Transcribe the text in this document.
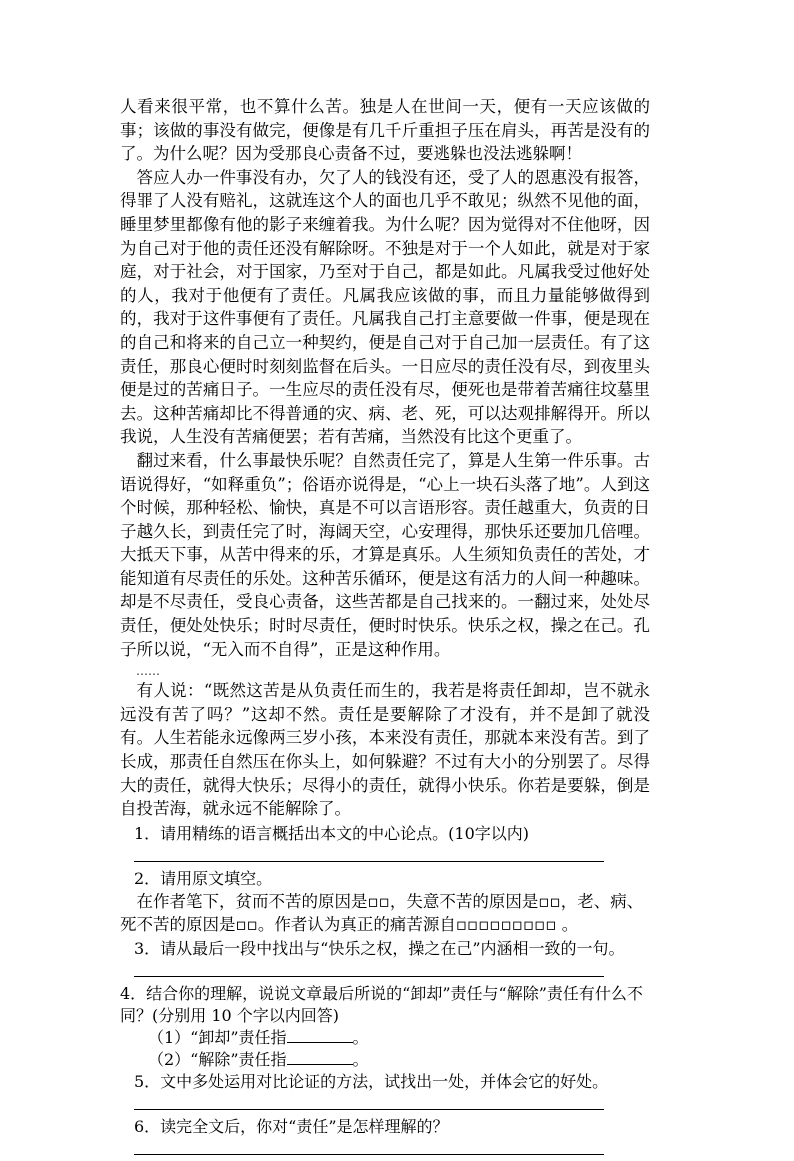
人看来很平常，也不算什么苦。独是人在世间一天，便有一天应该做的事；该做的事没有做完，便像是有几千斤重担子压在肩头，再苦是没有的了。为什么呢？因为受那良心责备不过，要逃躲也没法逃躲啊！

答应人办一件事没有办，欠了人的钱没有还，受了人的恩惠没有报答，得罪了人没有赔礼，这就连这个人的面也几乎不敢见；纵然不见他的面，睡里梦里都像有他的影子来缠着我。为什么呢？因为觉得对不住他呀，因为自己对于他的责任还没有解除呀。不独是对于一个人如此，就是对于家庭，对于社会，对于国家，乃至对于自己，都是如此。凡属我受过他好处的人，我对于他便有了责任。凡属我应该做的事，而且力量能够做得到的，我对于这件事便有了责任。凡属我自己打主意要做一件事，便是现在的自己和将来的自己立一种契约，便是自己对于自己加一层责任。有了这责任，那良心便时时刻刻监督在后头。一日应尽的责任没有尽，到夜里头便是过的苦痛日子。一生应尽的责任没有尽，便死也是带着苦痛往坟墓里去。这种苦痛却比不得普通的灾、病、老、死，可以达观排解得开。所以我说，人生没有苦痛便罢；若有苦痛，当然没有比这个更重了。

翻过来看，什么事最快乐呢？自然责任完了，算是人生第一件乐事。古语说得好，“如释重负”；俗语亦说得是，“心上一块石头落了地”。人到这个时候，那种轻松、愉快，真是不可以言语形容。责任越重大，负责的日子越久长，到责任完了时，海阔天空，心安理得，那快乐还要加几倍哩。大抵天下事，从苦中得来的乐，才算是真乐。人生须知负责任的苦处，才能知道有尽责任的乐处。这种苦乐循环，便是这有活力的人间一种趣味。却是不尽责任，受良心责备，这些苦都是自己找来的。一翻过来，处处尽责任，便处处快乐；时时尽责任，便时时快乐。快乐之权，操之在己。孔子所以说，“无入而不自得”，正是这种作用。

……

有人说：“既然这苦是从负责任而生的，我若是将责任卸却，岂不就永远没有苦了吗？”这却不然。责任是要解除了才没有，并不是卸了就没有。人生若能永远像两三岁小孩，本来没有责任，那就本来没有苦。到了长成，那责任自然压在你头上，如何躲避？不过有大小的分别罢了。尽得大的责任，就得大快乐；尽得小的责任，就得小快乐。你若是要躲，倒是自投苦海，就永远不能解除了。

1．请用精练的语言概括出本文的中心论点。(10字以内)

2．请用原文填空。

在作者笔下，贫而不苦的原因是▫▫，失意不苦的原因是▫▫，老、病、死不苦的原因是▫▫。作者认为真正的痛苦源自▫▫▫▫▫▫▫▫▫ 。

3．请从最后一段中找出与“快乐之权，操之在己”内涵相一致的一句。

4．结合你的理解，说说文章最后所说的“卸却”责任与“解除”责任有什么不同？(分别用 10 个字以内回答)

（1）“卸却”责任指	。

（2）“解除”责任指	。

5．文中多处运用对比论证的方法，试找出一处，并体会它的好处。

6．读完全文后，你对“责任”是怎样理解的？
